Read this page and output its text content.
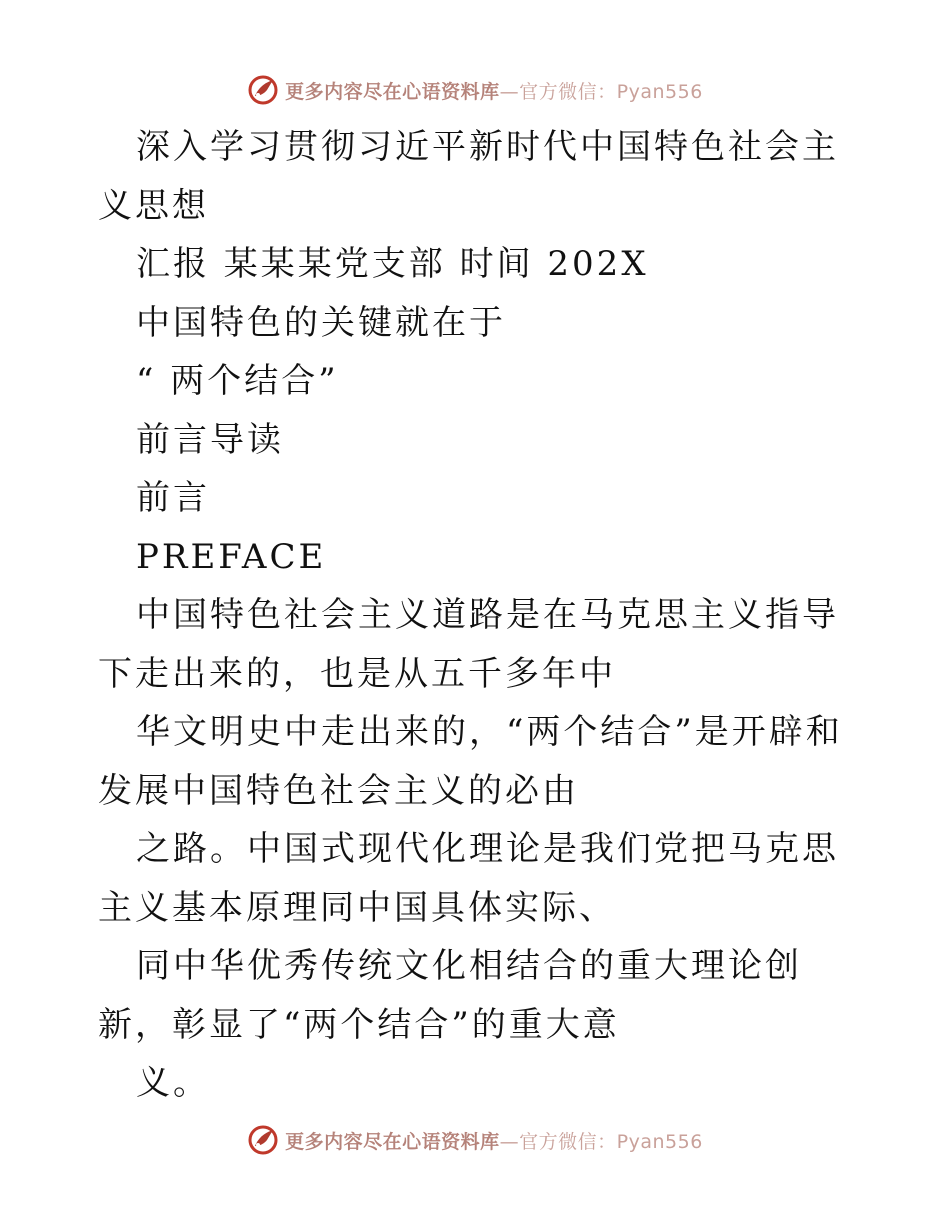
更多内容尽在心语资料库—官方微信：Pyan556

深入学习贯彻习近平新时代中国特色社会主义思想

汇报 某某某党支部 时间 202X

中国特色的关键就在于

“ 两个结合”

前言导读

前言

PREFACE

中国特色社会主义道路是在马克思主义指导下走出来的，也是从五千多年中

华文明史中走出来的，“两个结合”是开辟和发展中国特色社会主义的必由

之路。中国式现代化理论是我们党把马克思主义基本原理同中国具体实际、

同中华优秀传统文化相结合的重大理论创新，彰显了“两个结合”的重大意

义。

更多内容尽在心语资料库—官方微信：Pyan556
